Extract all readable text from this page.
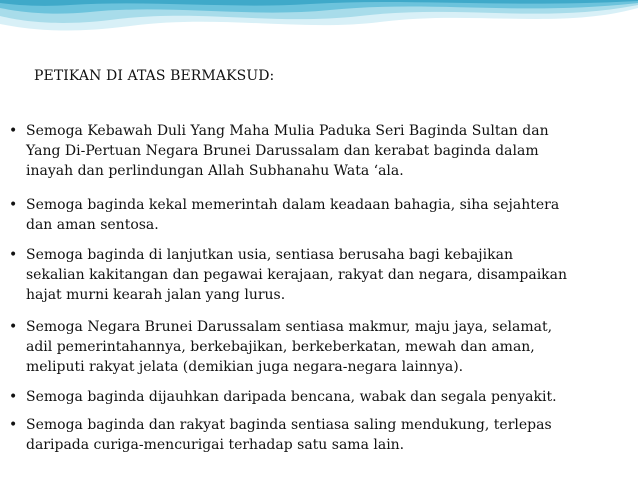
PETIKAN DI ATAS BERMAKSUD:
• Semoga Kebawah Duli Yang Maha Mulia Paduka Seri Baginda Sultan dan
Yang Di-Pertuan Negara Brunei Darussalam dan kerabat baginda dalam
inayah dan perlindungan Allah Subhanahu Wata ‘ala.
• Semoga baginda kekal memerintah dalam keadaan bahagia, siha sejahtera
dan aman sentosa.
• Semoga baginda di lanjutkan usia, sentiasa berusaha bagi kebajikan
sekalian kakitangan dan pegawai kerajaan, rakyat dan negara, disampaikan
hajat murni kearah jalan yang lurus.
• Semoga Negara Brunei Darussalam sentiasa makmur, maju jaya, selamat,
adil pemerintahannya, berkebajikan, berkeberkatan, mewah dan aman,
meliputi rakyat jelata (demikian juga negara-negara lainnya).
• Semoga baginda dijauhkan daripada bencana, wabak dan segala penyakit.
• Semoga baginda dan rakyat baginda sentiasa saling mendukung, terlepas
daripada curiga-mencurigai terhadap satu sama lain.
